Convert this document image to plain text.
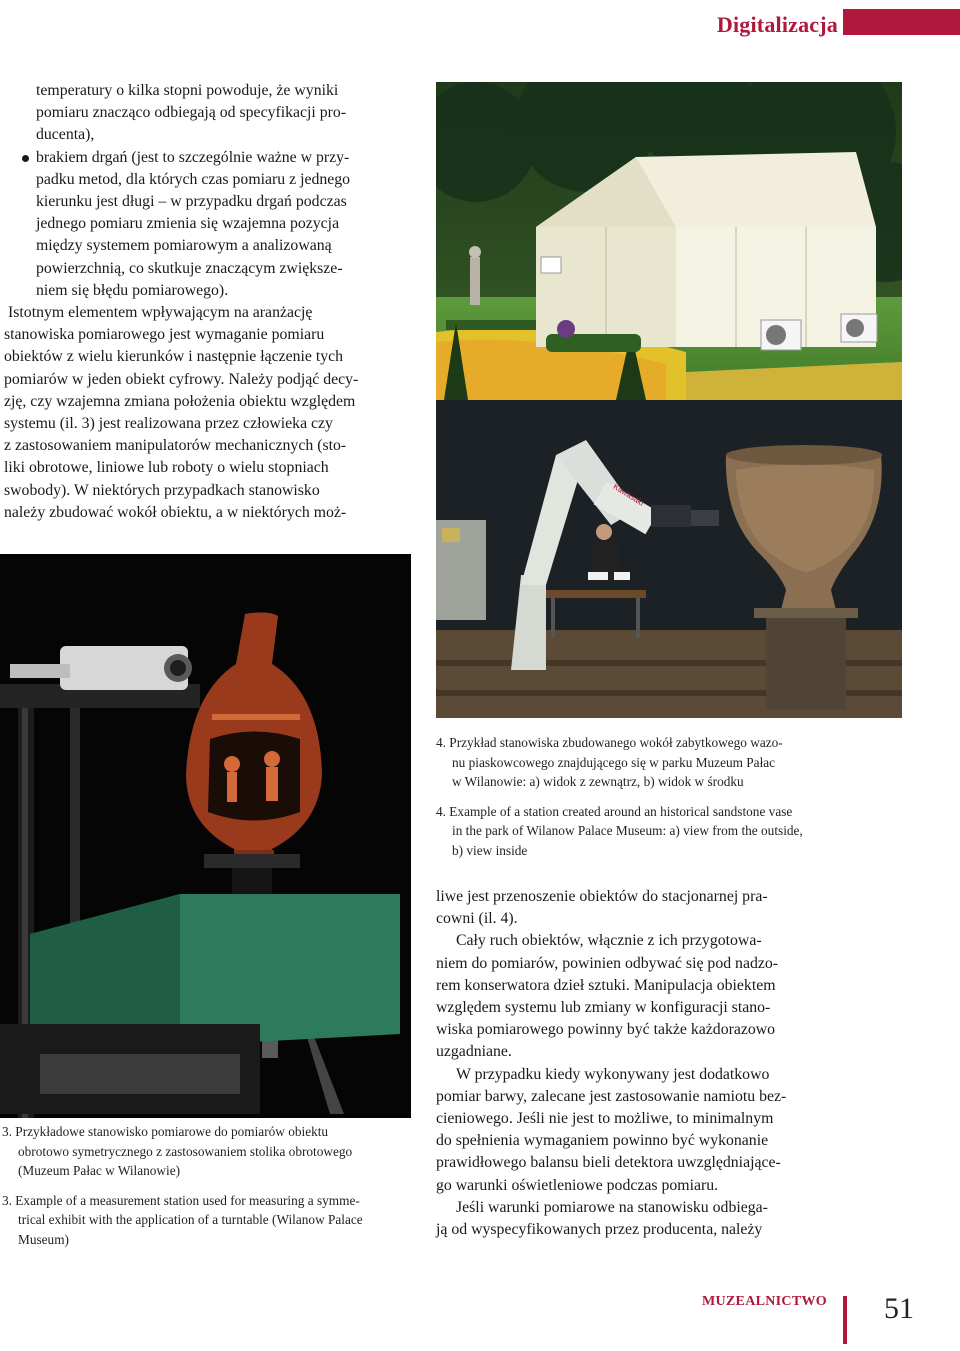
Digitalizacja
temperatury o kilka stopni powoduje, że wyniki
pomiaru znacząco odbiegają od specyfikacji pro-
ducenta),
brakiem drgań (jest to szczególnie ważne w przy-
padku metod, dla których czas pomiaru z jednego
kierunku jest długi – w przypadku drgań podczas
jednego pomiaru zmienia się wzajemna pozycja
między systemem pomiarowym a analizowaną
powierzchnią, co skutkuje znaczącym zwiększe-
niem się błędu pomiarowego).
Istotnym elementem wpływającym na aranżację
stanowiska pomiarowego jest wymaganie pomiaru
obiektów z wielu kierunków i następnie łączenie tych
pomiarów w jeden obiekt cyfrowy. Należy podjąć decy-
zję, czy wzajemna zmiana położenia obiektu względem
systemu (il. 3) jest realizowana przez człowieka czy
z zastosowaniem manipulatorów mechanicznych (sto-
liki obrotowe, liniowe lub roboty o wielu stopniach
swobody). W niektórych przypadkach stanowisko
należy zbudować wokół obiektu, a w niektórych moż-
Kawasaki
4. Przykład stanowiska zbudowanego wokół zabytkowego wazo-
nu piaskowcowego znajdującego się w parku Muzeum Pałac
w Wilanowie: a) widok z zewnątrz, b) widok w środku
4. Example of a station created around an historical sandstone vase
in the park of Wilanow Palace Museum: a) view from the outside,
b) view inside
3. Przykładowe stanowisko pomiarowe do pomiarów obiektu
obrotowo symetrycznego z zastosowaniem stolika obrotowego
(Muzeum Pałac w Wilanowie)
3. Example of a measurement station used for measuring a symme-
trical exhibit with the application of a turntable (Wilanow Palace
Museum)
liwe jest przenoszenie obiektów do stacjonarnej pra-
cowni (il. 4).
Cały ruch obiektów, włącznie z ich przygotowa-
niem do pomiarów, powinien odbywać się pod nadzo-
rem konserwatora dzieł sztuki. Manipulacja obiektem
względem systemu lub zmiany w konfiguracji stano-
wiska pomiarowego powinny być także każdorazowo
uzgadniane.
W przypadku kiedy wykonywany jest dodatkowo
pomiar barwy, zalecane jest zastosowanie namiotu bez-
cieniowego. Jeśli nie jest to możliwe, to minimalnym
do spełnienia wymaganiem powinno być wykonanie
prawidłowego balansu bieli detektora uwzględniające-
go warunki oświetleniowe podczas pomiaru.
Jeśli warunki pomiarowe na stanowisku odbiega-
ją od wyspecyfikowanych przez producenta, należy
MUZEALNICTWO 51
